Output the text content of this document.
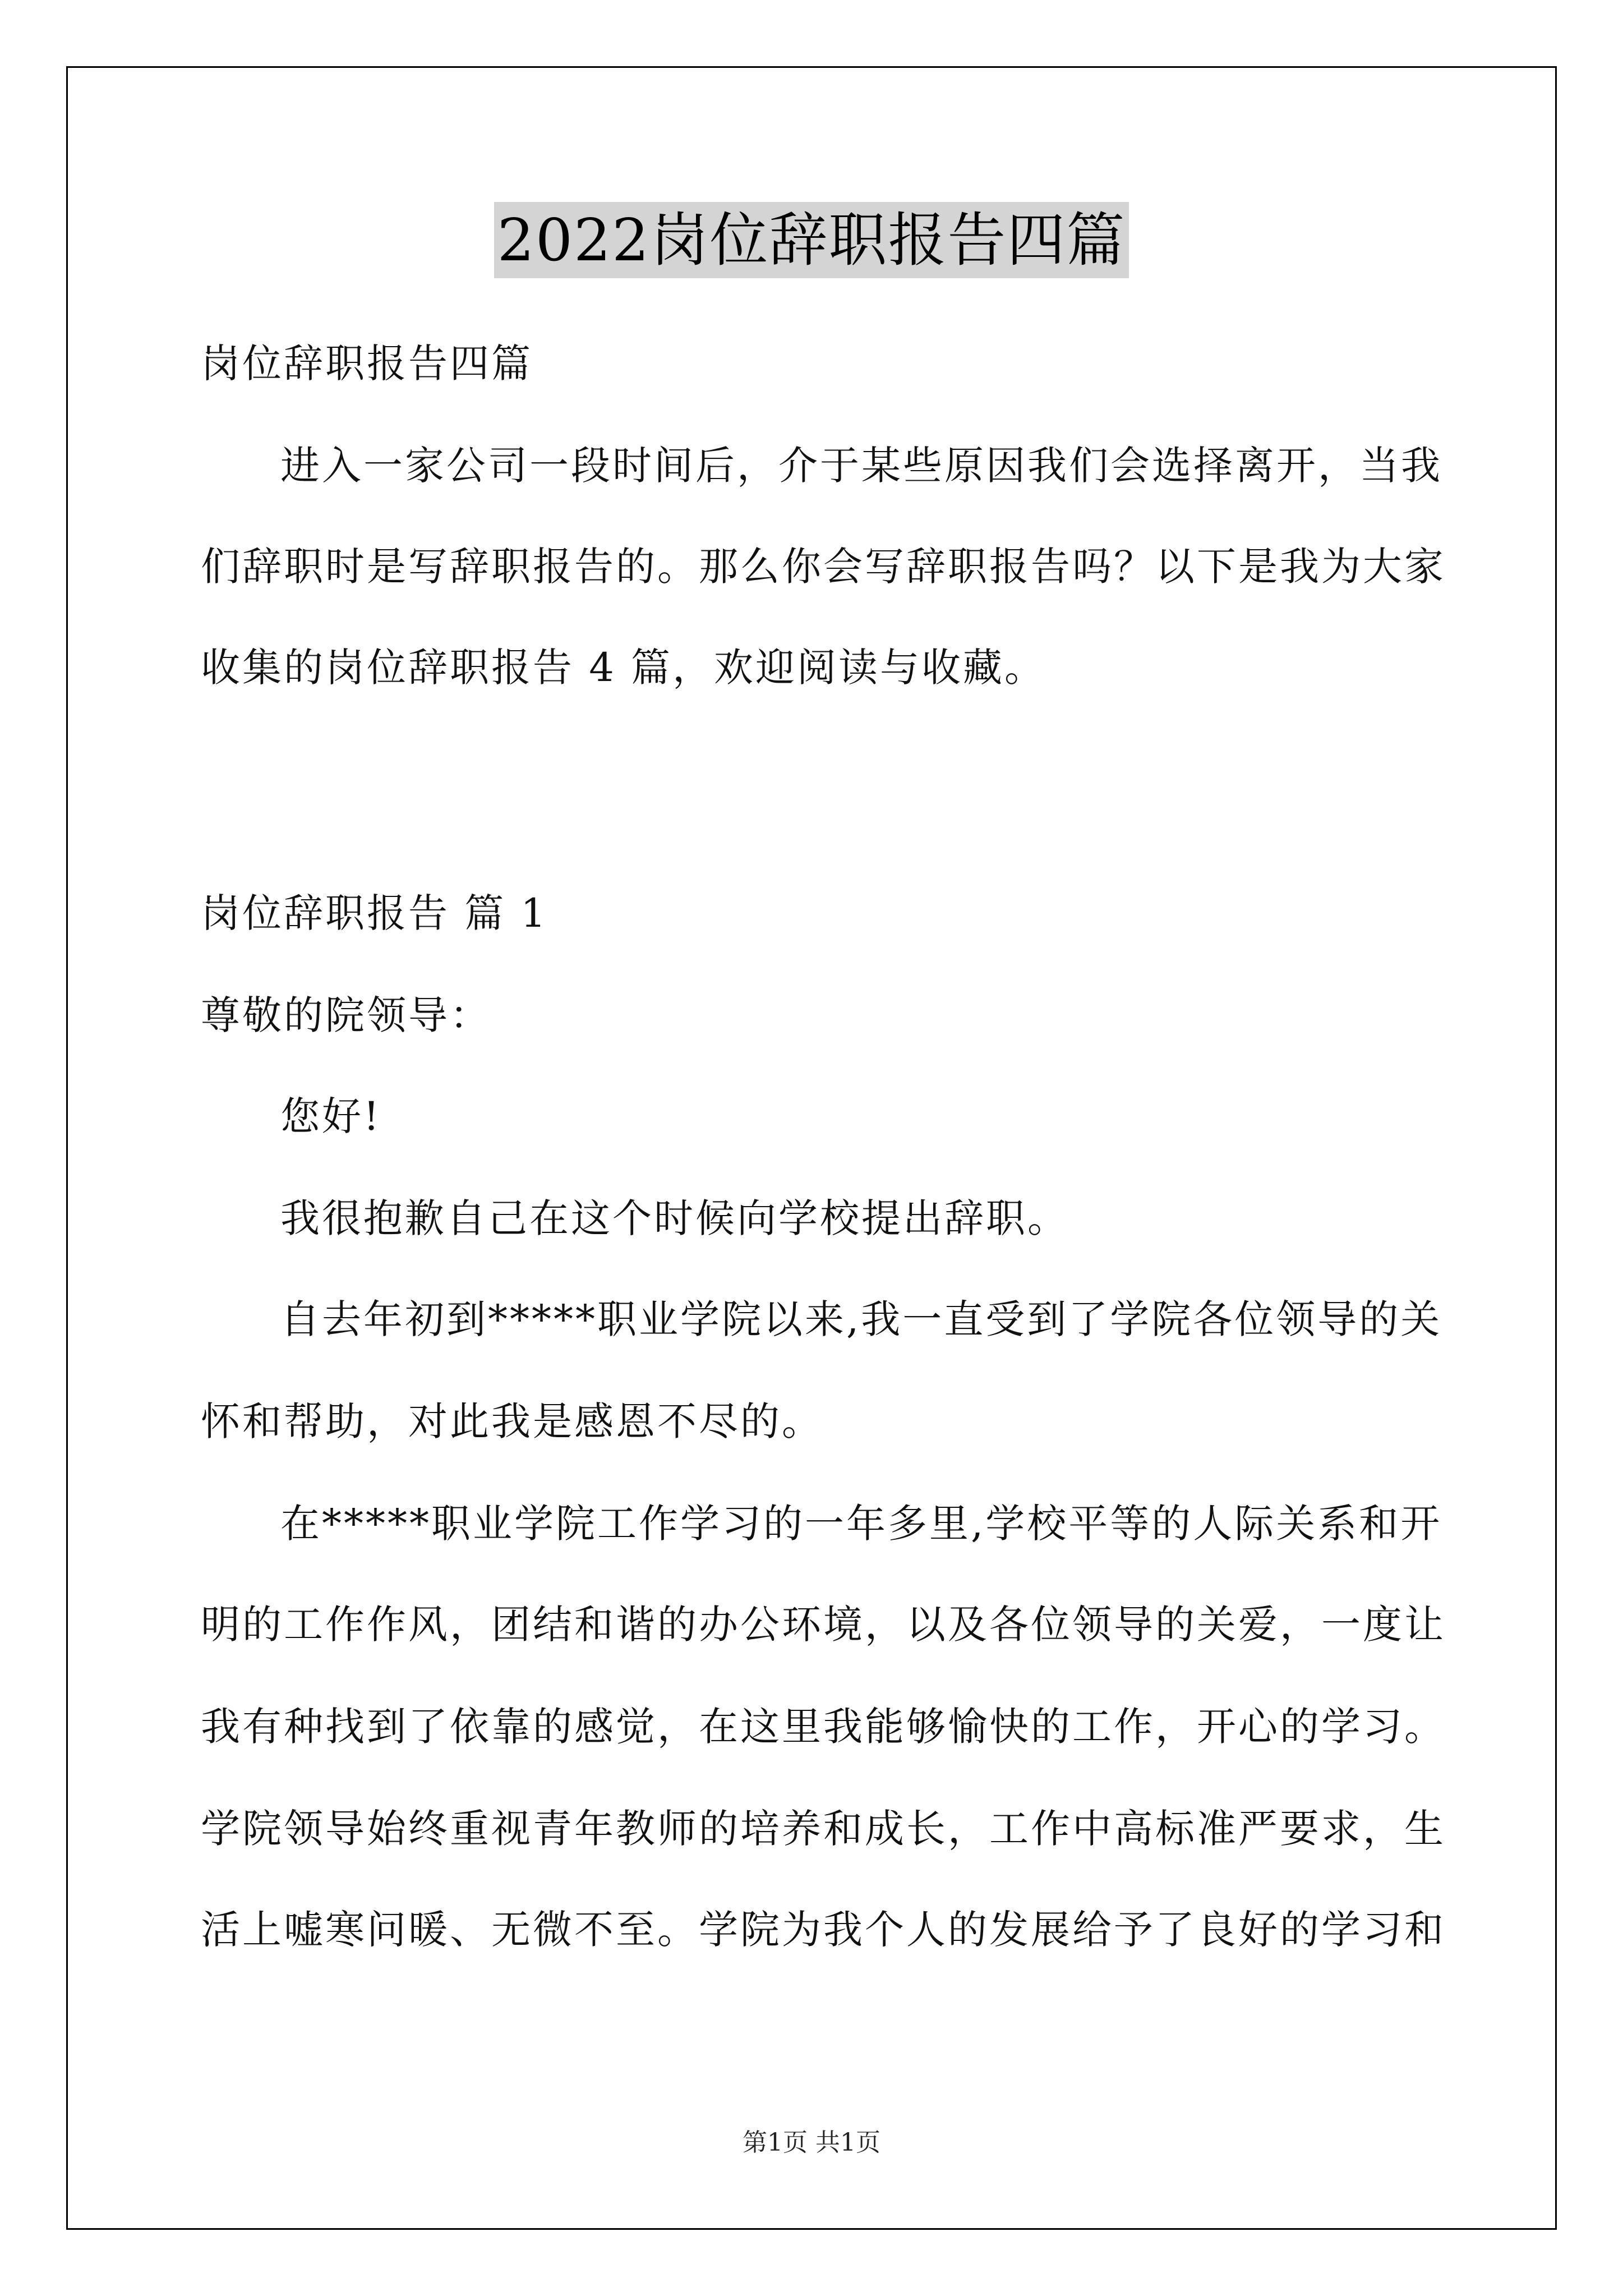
2022岗位辞职报告四篇
岗位辞职报告四篇
进入一家公司一段时间后，介于某些原因我们会选择离开，当我
们辞职时是写辞职报告的。那么你会写辞职报告吗？以下是我为大家
收集的岗位辞职报告 4 篇，欢迎阅读与收藏。
岗位辞职报告 篇 1
尊敬的院领导：
您好!
我很抱歉自己在这个时候向学校提出辞职。
自去年初到*****职业学院以来,我一直受到了学院各位领导的关
怀和帮助，对此我是感恩不尽的。
在*****职业学院工作学习的一年多里,学校平等的人际关系和开
明的工作作风，团结和谐的办公环境，以及各位领导的关爱，一度让
我有种找到了依靠的感觉，在这里我能够愉快的工作，开心的学习。
学院领导始终重视青年教师的培养和成长，工作中高标准严要求，生
活上嘘寒问暖、无微不至。学院为我个人的发展给予了良好的学习和
第1页 共1页
